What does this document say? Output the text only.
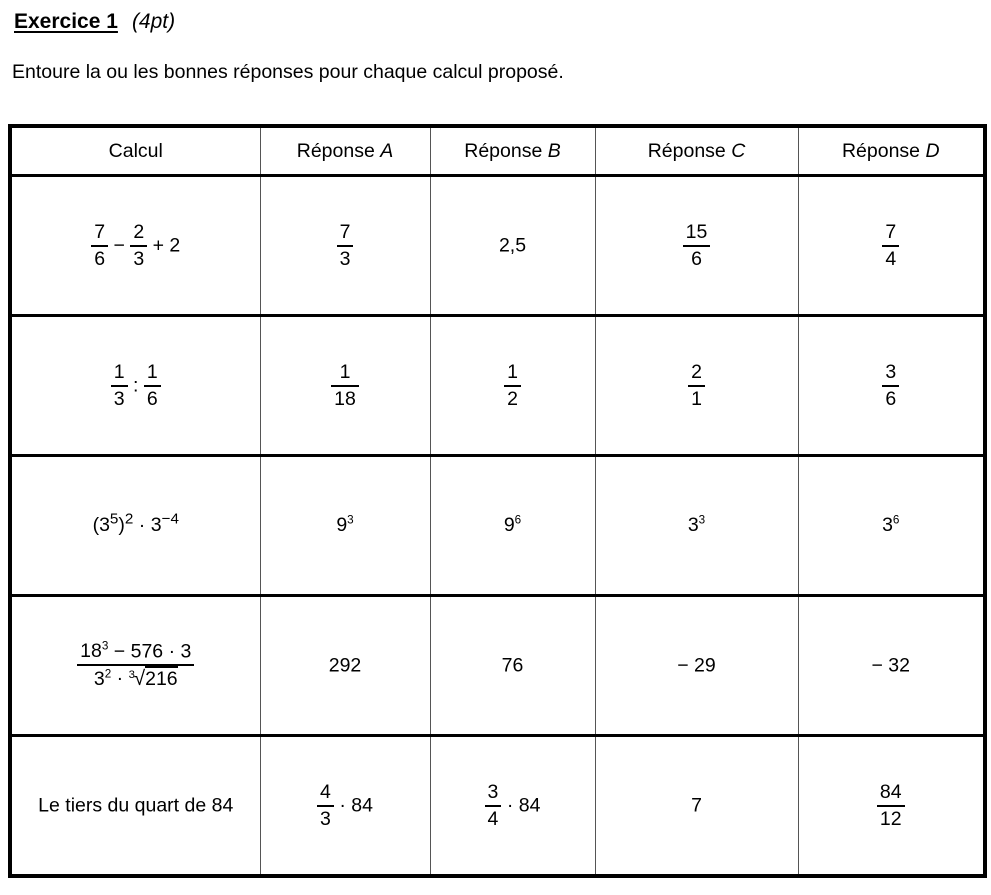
Exercice 1 (4pt)

Entoure la ou les bonnes réponses pour chaque calcul proposé.

Calcul	Réponse A	Réponse B	Réponse C	Réponse D

$\frac{7}{6} - \frac{2}{3} + 2$	$\frac{7}{3}$	2,5	$\frac{15}{6}$	$\frac{7}{4}$

$\frac{1}{3}$ : $\frac{1}{6}$	$\frac{1}{18}$	$\frac{1}{2}$	$\frac{2}{1}$	$\frac{3}{6}$

$(3^5)^2 \cdot 3^{-4}$	$9^3$	$9^6$	$3^3$	$3^6$

$\frac{18^3 - 576 \cdot 3}{3^2 \cdot ^3√216}$	292	76	− 29	− 32
Le tiers du quart de 84	$\frac{4}{3} \cdot 84$	$\frac{3}{4} \cdot 84$	7	$\frac{84}{12}$
